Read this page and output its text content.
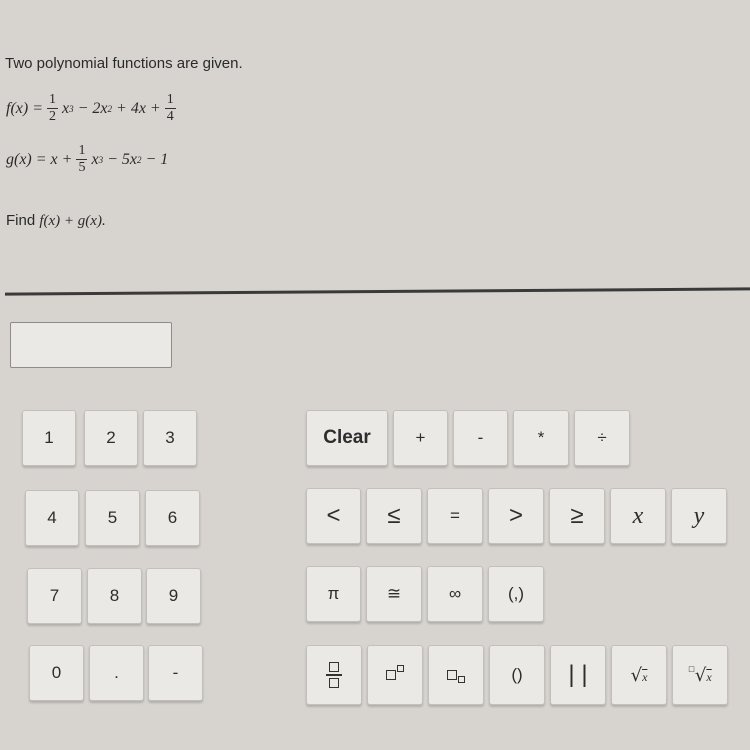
Two polynomial functions are given.
$f(x) = \frac{1}{2}$ x 3
− 2x 2
+ $4x + \frac{1}{4}$
$g(x) = x + \frac{1}{5}$ x 3
− 5x 2
− 1
Find f(x) + g(x).
1	2	3
4	5	6
7	8	9
0	.	-
Clear	+	-	*	÷
<	≤	=	>	≥	x y
π	≅	∞	(,)
()	| |	√x
□√x
